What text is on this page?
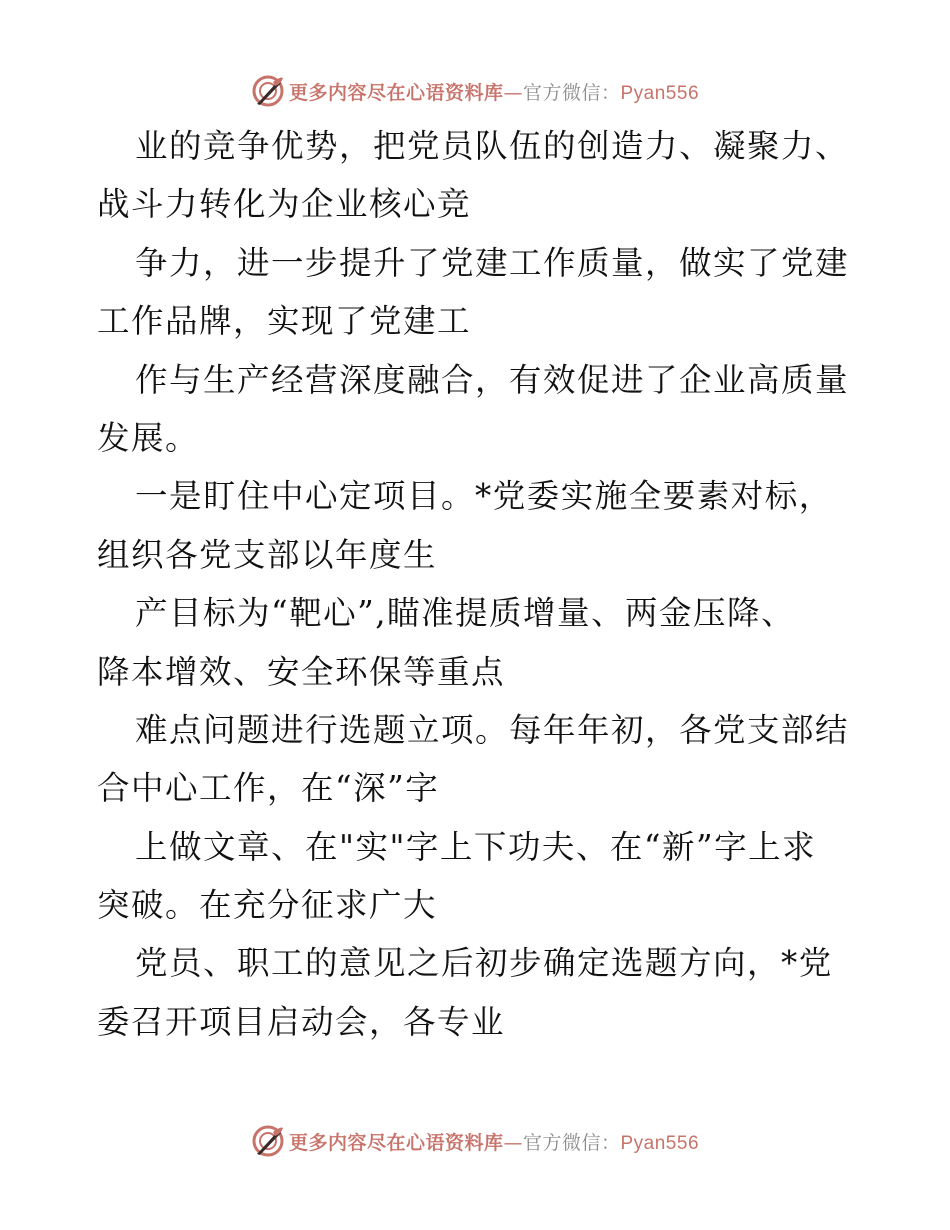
更多内容尽在心语资料库—官方微信：Pyan556
业的竞争优势，把党员队伍的创造力、凝聚力、
战斗力转化为企业核心竞
争力，进一步提升了党建工作质量，做实了党建
工作品牌，实现了党建工
作与生产经营深度融合，有效促进了企业高质量
发展。
一是盯住中心定项目。*党委实施全要素对标，
组织各党支部以年度生
产目标为“靶心”,瞄准提质增量、两金压降、
降本增效、安全环保等重点
难点问题进行选题立项。每年年初，各党支部结
合中心工作，在“深”字
上做文章、在"实"字上下功夫、在“新”字上求
突破。在充分征求广大
党员、职工的意见之后初步确定选题方向，*党
委召开项目启动会，各专业
更多内容尽在心语资料库—官方微信：Pyan556
